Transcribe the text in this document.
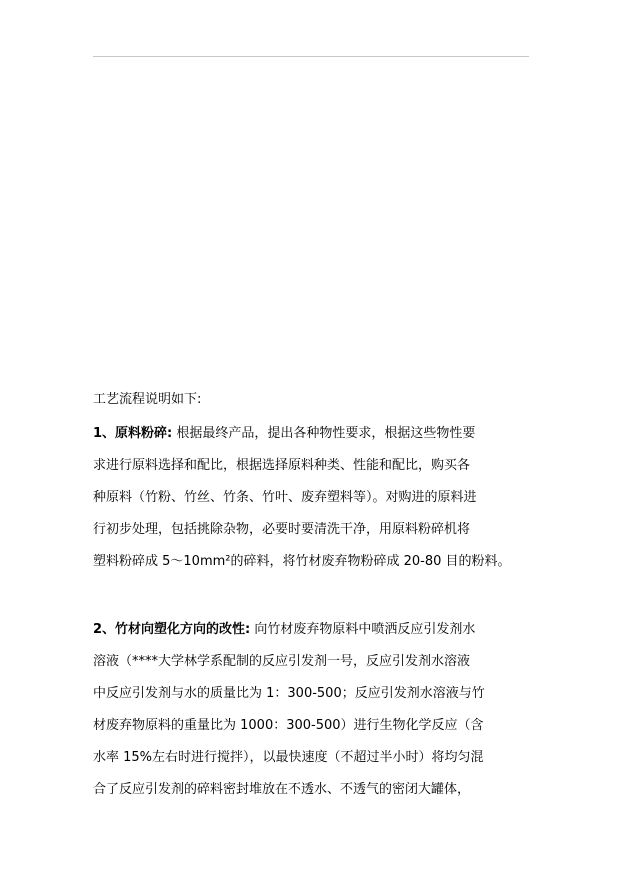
工艺流程说明如下:
1、原料粉碎: 根据最终产品，提出各种物性要求，根据这些物性要
求进行原料选择和配比，根据选择原料种类、性能和配比，购买各
种原料（竹粉、竹丝、竹条、竹叶、废弃塑料等）。对购进的原料进
行初步处理，包括挑除杂物，必要时要清洗干净，用原料粉碎机将
塑料粉碎成 5～10mm²的碎料，将竹材废弃物粉碎成 20-80 目的粉料。
2、竹材向塑化方向的改性: 向竹材废弃物原料中喷洒反应引发剂水
溶液（****大学林学系配制的反应引发剂一号，反应引发剂水溶液
中反应引发剂与水的质量比为 1：300-500；反应引发剂水溶液与竹
材废弃物原料的重量比为 1000：300-500）进行生物化学反应（含
水率 15%左右时进行搅拌），以最快速度（不超过半小时）将均匀混
合了反应引发剂的碎料密封堆放在不透水、不透气的密闭大罐体，
